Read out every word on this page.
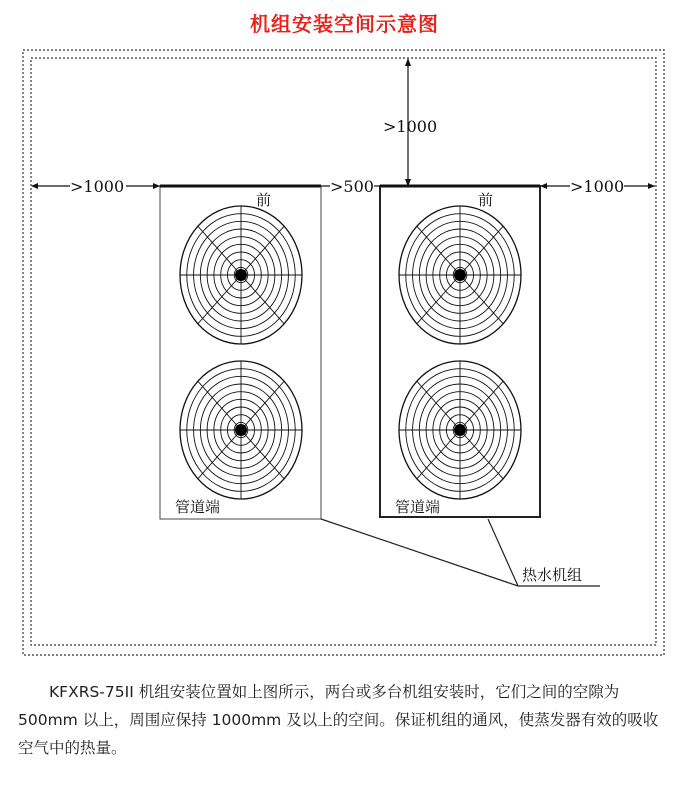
机组安装空间示意图
>1000
>1000	>500	>1000
前
管道端
前
管道端
热水机组

KFXRS-75II 机组安装位置如上图所示，两台或多台机组安装时，它们之间的空隙为500mm 以上，周围应保持 1000mm 及以上的空间。保证机组的通风，使蒸发器有效的吸收空气中的热量。
